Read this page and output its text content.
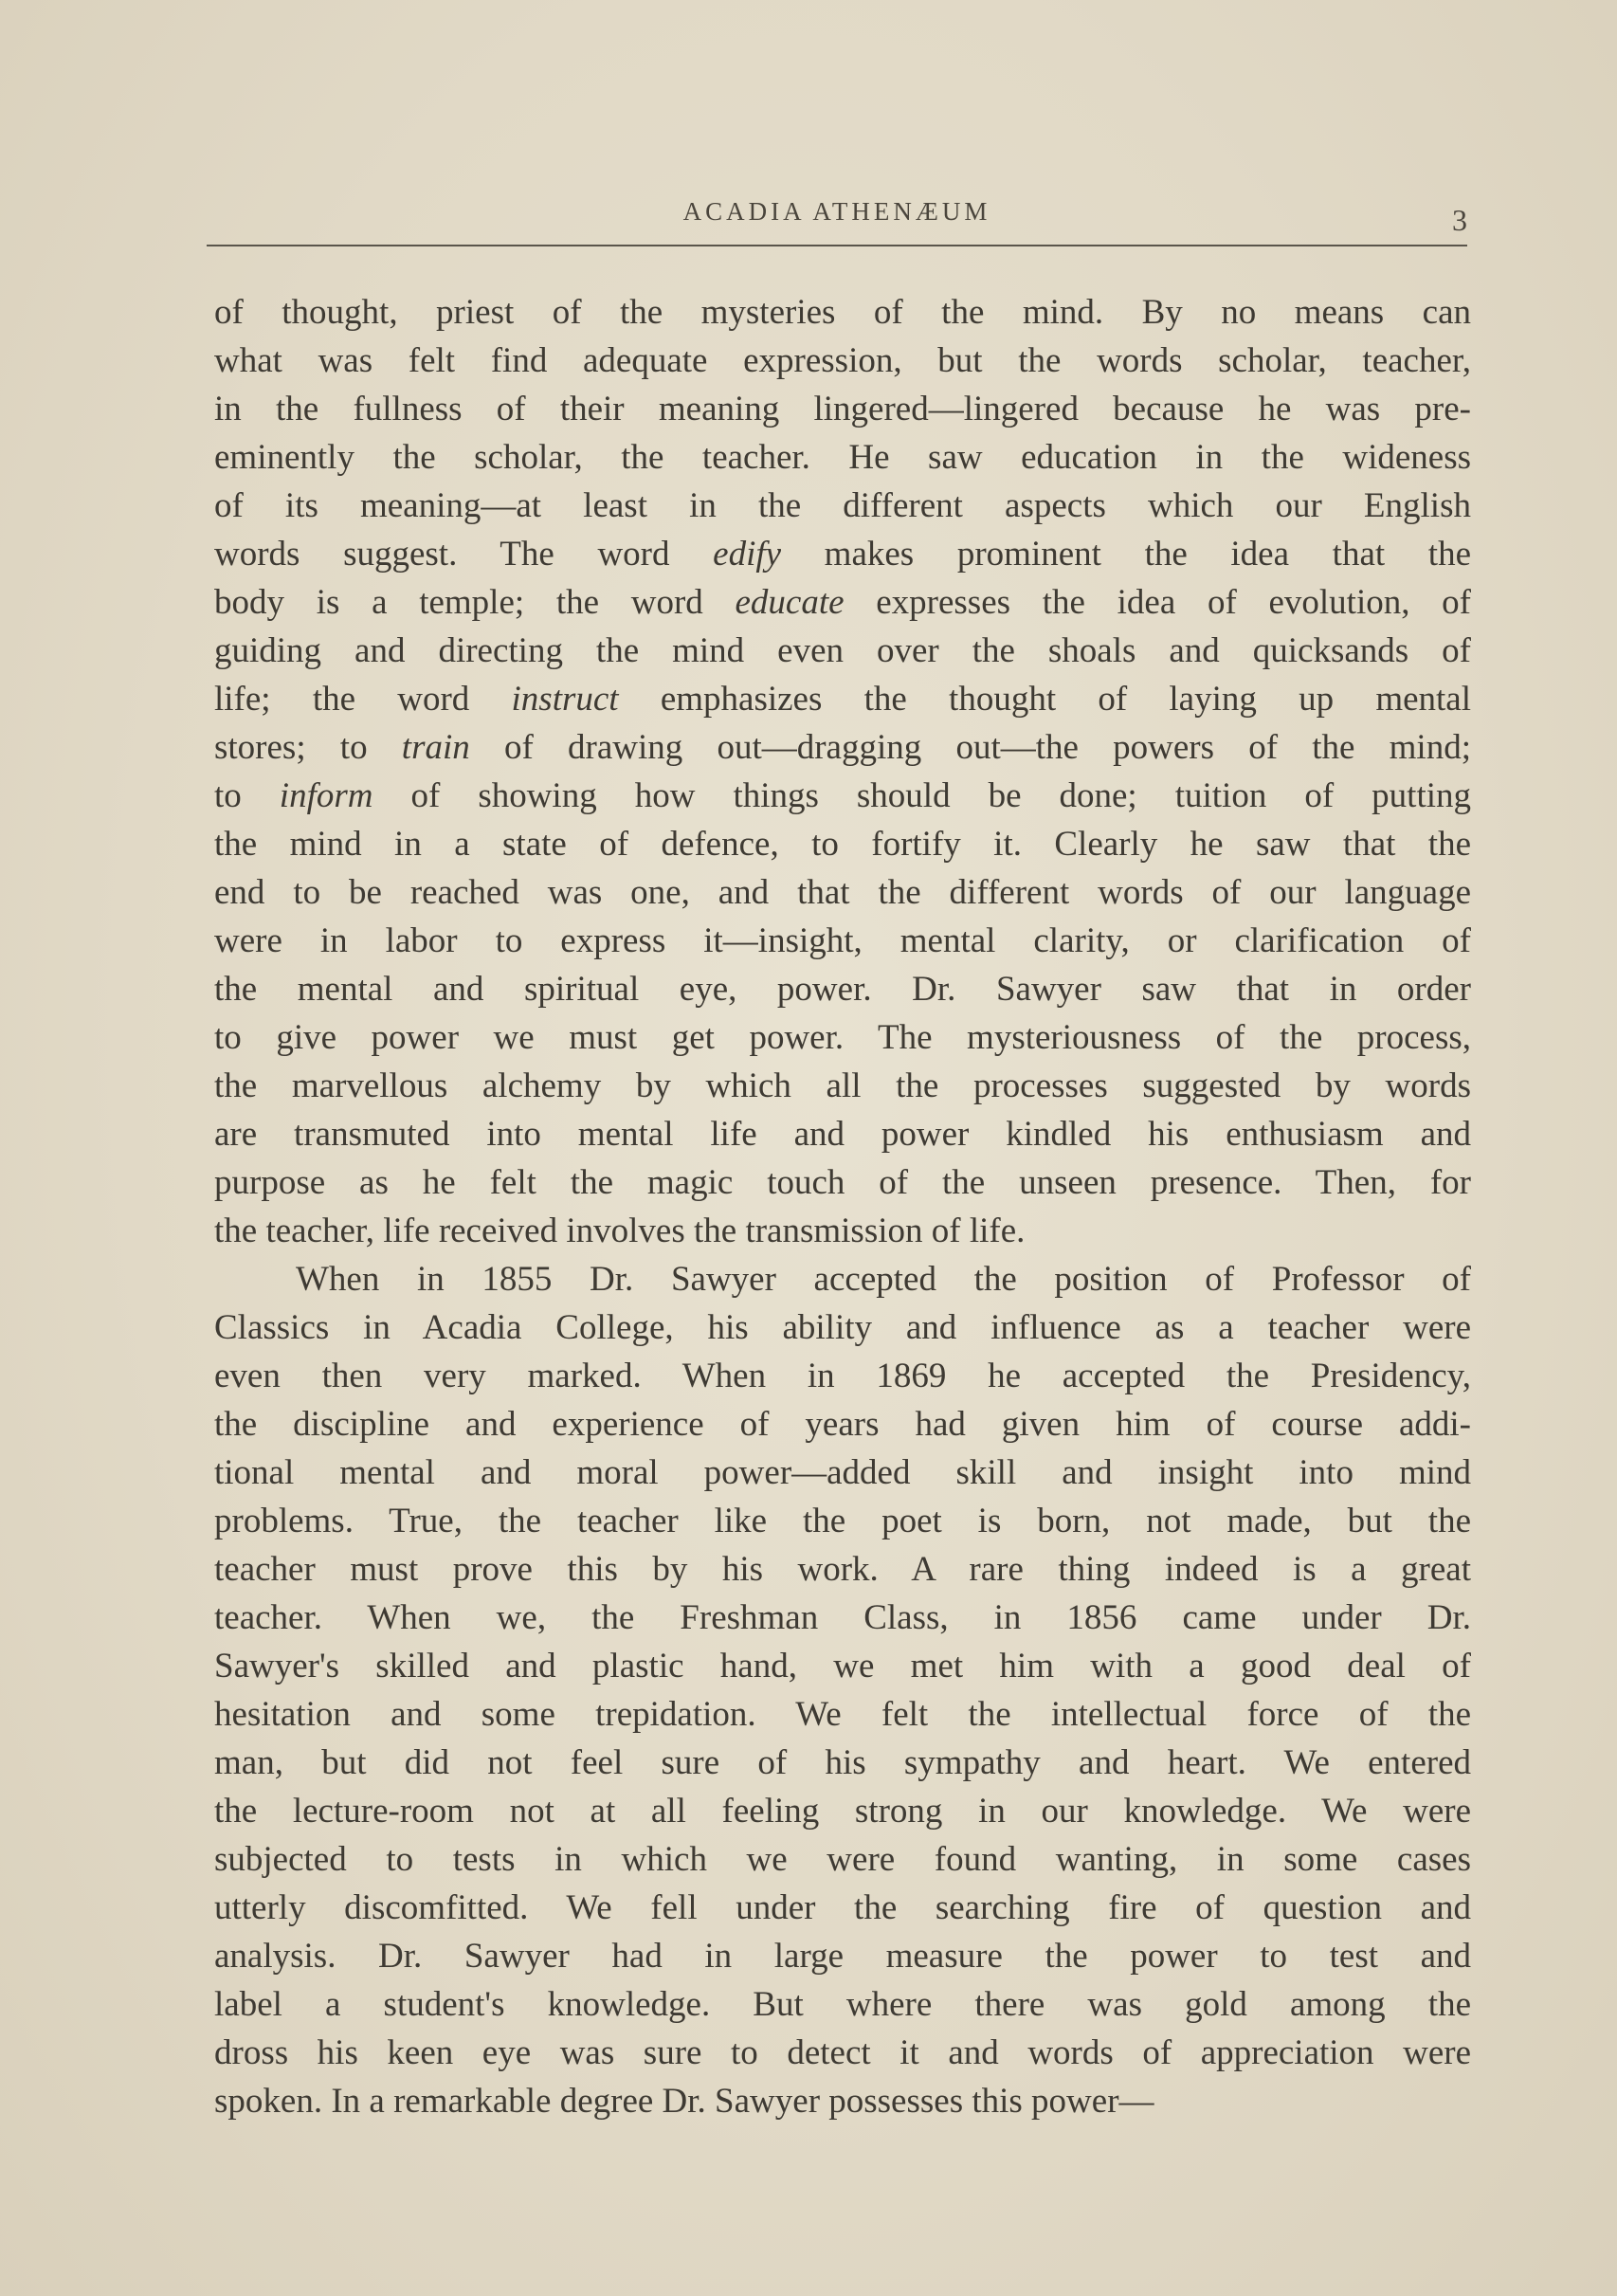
ACADIA ATHENÆUM	3
of thought, priest of the mysteries of the mind. By no means can
what was felt find adequate expression, but the words scholar, teacher,
in the fullness of their meaning lingered—lingered because he was pre-
eminently the scholar, the teacher. He saw education in the wideness
of its meaning—at least in the different aspects which our English
words suggest. The word edify makes prominent the idea that the
body is a temple; the word educate expresses the idea of evolution, of
guiding and directing the mind even over the shoals and quicksands of
life; the word instruct emphasizes the thought of laying up mental
stores; to train of drawing out—dragging out—the powers of the mind;
to inform of showing how things should be done; tuition of putting
the mind in a state of defence, to fortify it. Clearly he saw that the
end to be reached was one, and that the different words of our language
were in labor to express it—insight, mental clarity, or clarification of
the mental and spiritual eye, power. Dr. Sawyer saw that in order
to give power we must get power. The mysteriousness of the process,
the marvellous alchemy by which all the processes suggested by words
are transmuted into mental life and power kindled his enthusiasm and
purpose as he felt the magic touch of the unseen presence. Then, for
the teacher, life received involves the transmission of life.
When in 1855 Dr. Sawyer accepted the position of Professor of
Classics in Acadia College, his ability and influence as a teacher were
even then very marked. When in 1869 he accepted the Presidency,
the discipline and experience of years had given him of course addi-
tional mental and moral power—added skill and insight into mind
problems. True, the teacher like the poet is born, not made, but the
teacher must prove this by his work. A rare thing indeed is a great
teacher. When we, the Freshman Class, in 1856 came under Dr.
Sawyer's skilled and plastic hand, we met him with a good deal of
hesitation and some trepidation. We felt the intellectual force of the
man, but did not feel sure of his sympathy and heart. We entered
the lecture-room not at all feeling strong in our knowledge. We were
subjected to tests in which we were found wanting, in some cases
utterly discomfitted. We fell under the searching fire of question and
analysis. Dr. Sawyer had in large measure the power to test and
label a student's knowledge. But where there was gold among the
dross his keen eye was sure to detect it and words of appreciation were
spoken. In a remarkable degree Dr. Sawyer possesses this power—
